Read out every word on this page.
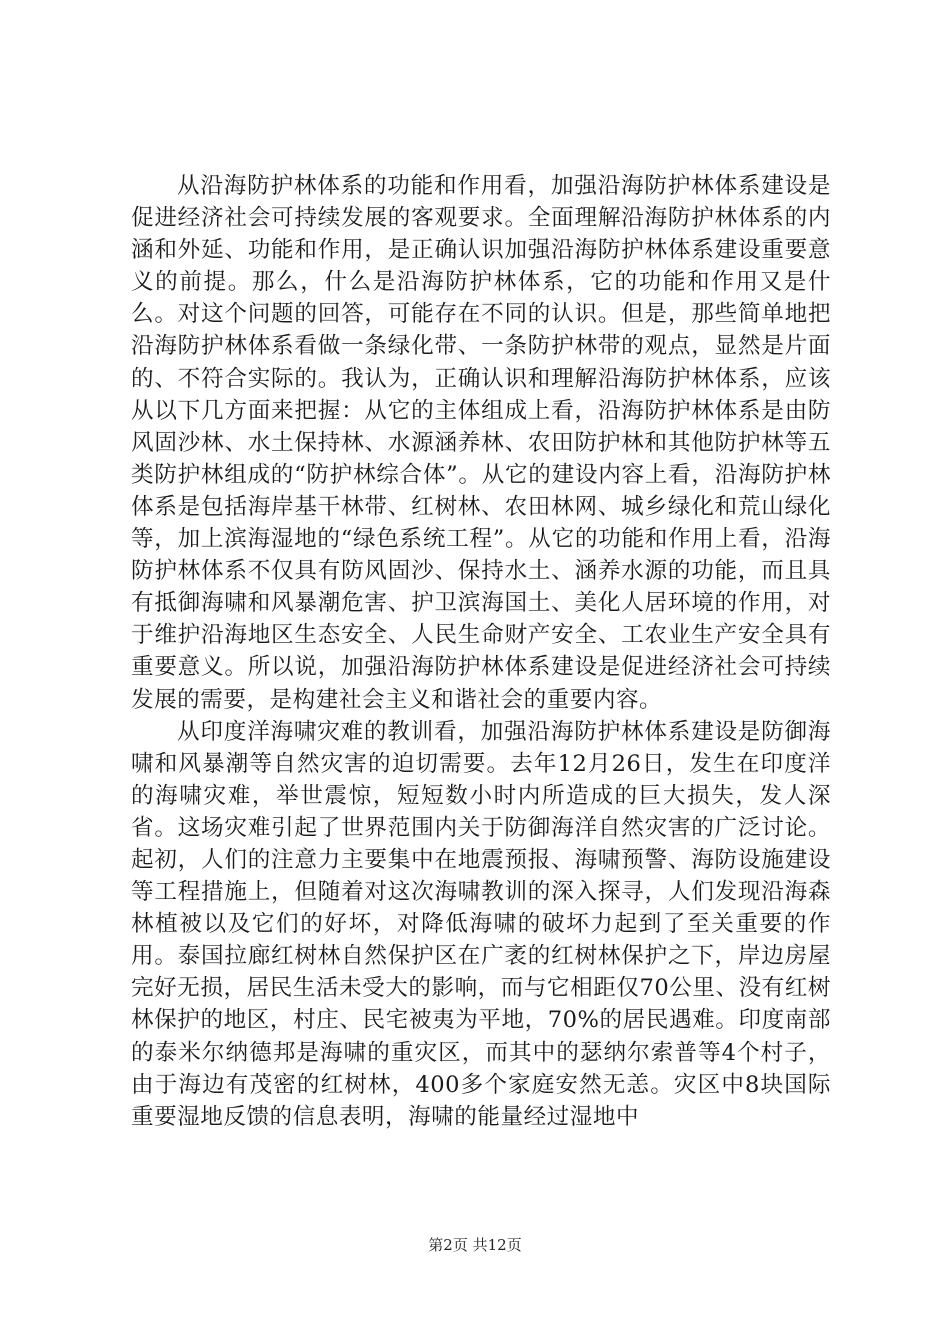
从沿海防护林体系的功能和作用看，加强沿海防护林体系建设是促进经济社会可持续发展的客观要求。全面理解沿海防护林体系的内涵和外延、功能和作用，是正确认识加强沿海防护林体系建设重要意义的前提。那么，什么是沿海防护林体系，它的功能和作用又是什么。对这个问题的回答，可能存在不同的认识。但是，那些简单地把沿海防护林体系看做一条绿化带、一条防护林带的观点，显然是片面的、不符合实际的。我认为，正确认识和理解沿海防护林体系，应该从以下几方面来把握：从它的主体组成上看，沿海防护林体系是由防风固沙林、水土保持林、水源涵养林、农田防护林和其他防护林等五类防护林组成的“防护林综合体”。从它的建设内容上看，沿海防护林体系是包括海岸基干林带、红树林、农田林网、城乡绿化和荒山绿化等，加上滨海湿地的“绿色系统工程”。从它的功能和作用上看，沿海防护林体系不仅具有防风固沙、保持水土、涵养水源的功能，而且具有抵御海啸和风暴潮危害、护卫滨海国土、美化人居环境的作用，对于维护沿海地区生态安全、人民生命财产安全、工农业生产安全具有重要意义。所以说，加强沿海防护林体系建设是促进经济社会可持续发展的需要，是构建社会主义和谐社会的重要内容。

从印度洋海啸灾难的教训看，加强沿海防护林体系建设是防御海啸和风暴潮等自然灾害的迫切需要。去年12月26日，发生在印度洋的海啸灾难，举世震惊，短短数小时内所造成的巨大损失，发人深省。这场灾难引起了世界范围内关于防御海洋自然灾害的广泛讨论。起初，人们的注意力主要集中在地震预报、海啸预警、海防设施建设等工程措施上，但随着对这次海啸教训的深入探寻，人们发现沿海森林植被以及它们的好坏，对降低海啸的破坏力起到了至关重要的作用。泰国拉廊红树林自然保护区在广袤的红树林保护之下，岸边房屋完好无损，居民生活未受大的影响，而与它相距仅70公里、没有红树林保护的地区，村庄、民宅被夷为平地，70%的居民遇难。印度南部的泰米尔纳德邦是海啸的重灾区，而其中的瑟纳尔索普等4个村子，由于海边有茂密的红树林，400多个家庭安然无恙。灾区中8块国际重要湿地反馈的信息表明，海啸的能量经过湿地中

第2页 共12页
